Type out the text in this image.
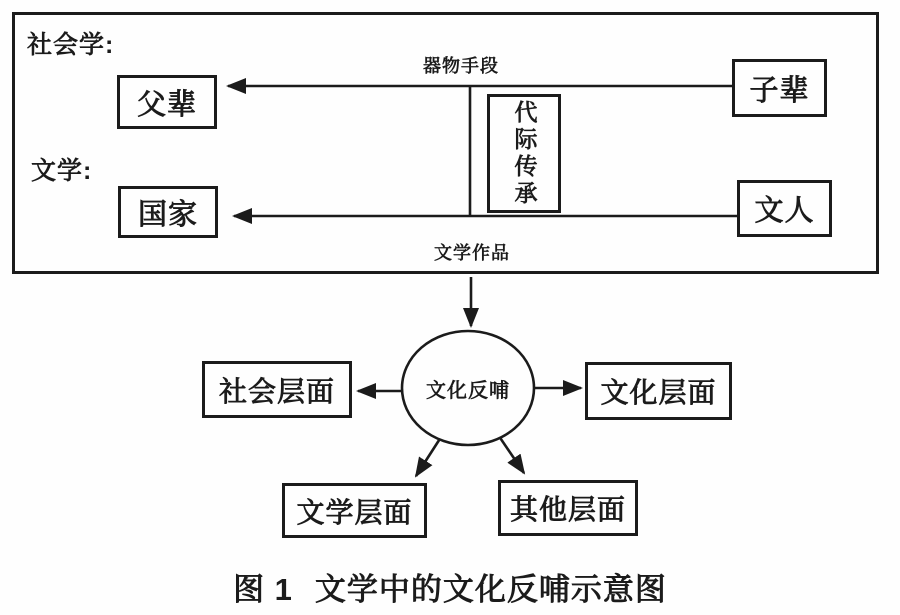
社会学:
文学:
器物手段
文学作品
父辈	子辈
国家	文人
代际传承
文化反哺
社会层面	文化层面
文学层面	其他层面
图 1 文学中的文化反哺示意图
